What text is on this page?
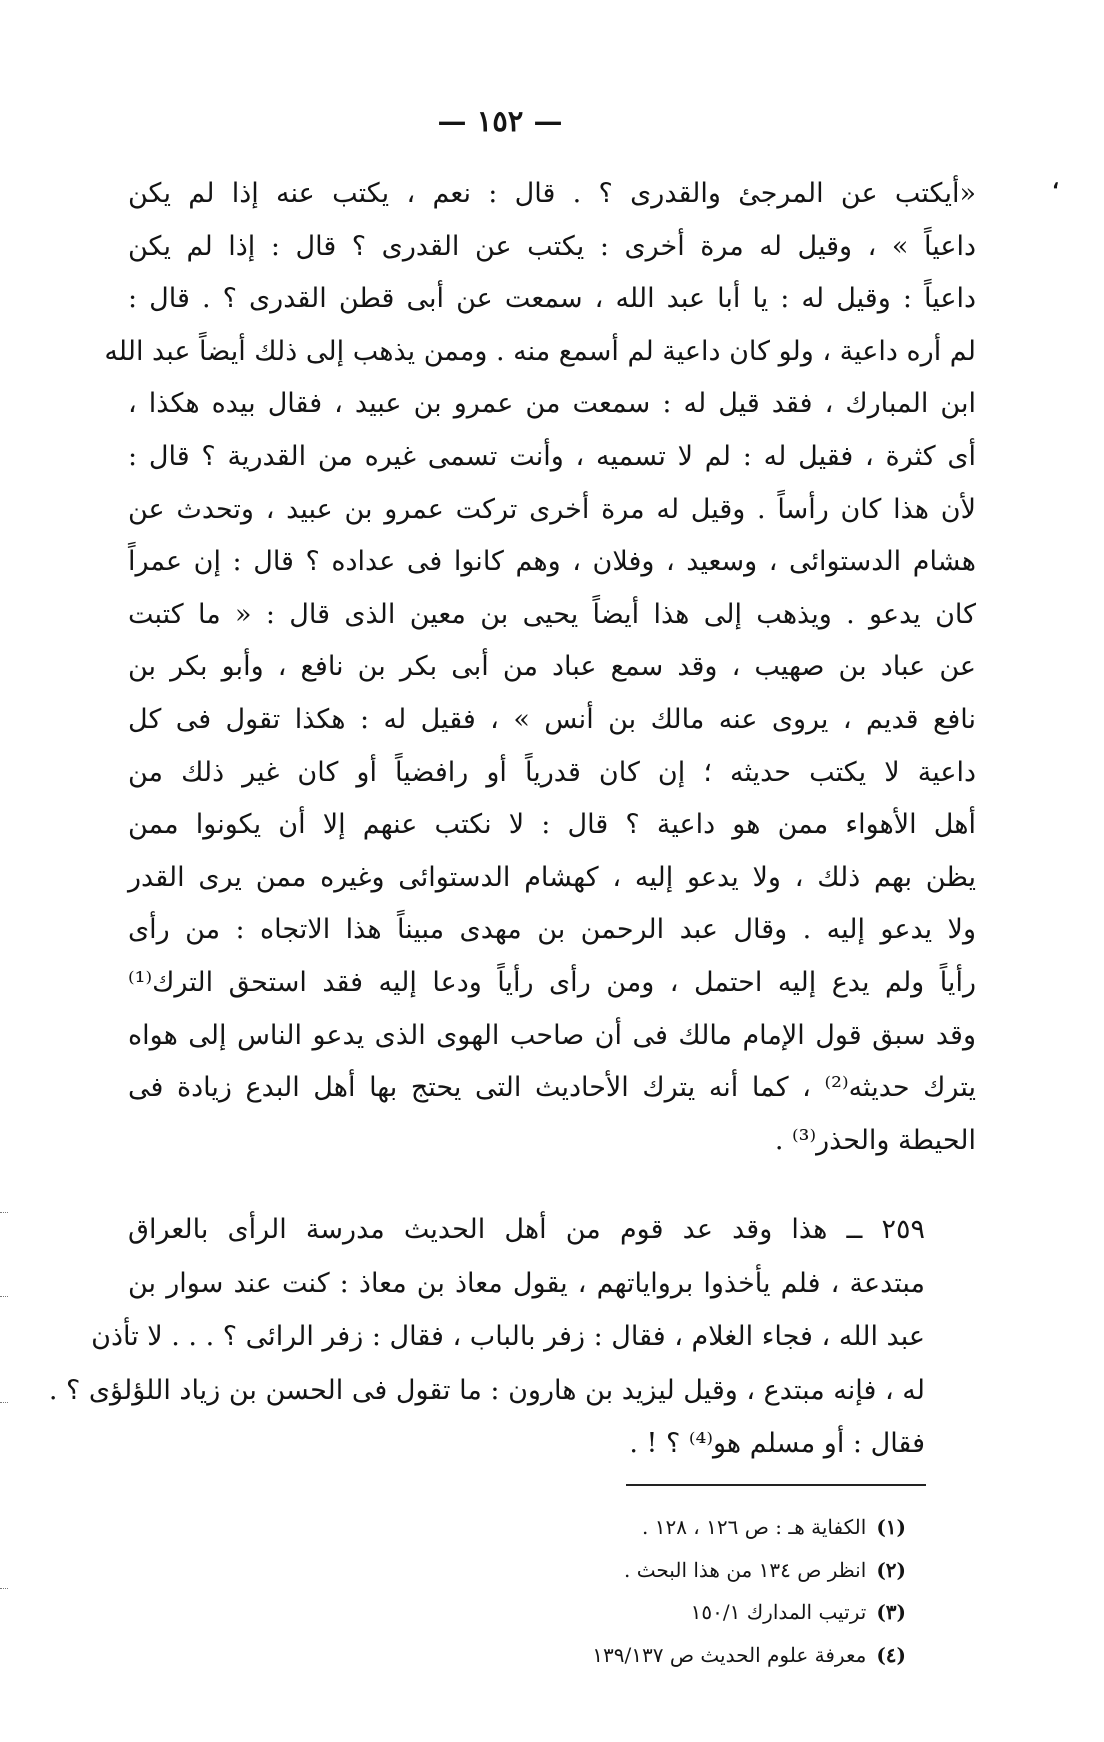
— ١٥٢ —
،
«أيكتب عن المرجئ والقدرى ؟ . قال : نعم ، يكتب عنه إذا لم يكن
داعياً » ، وقيل له مرة أخرى : يكتب عن القدرى ؟ قال : إذا لم يكن
داعياً : وقيل له : يا أبا عبد الله ، سمعت عن أبى قطن القدرى ؟ . قال :
لم أره داعية ، ولو كان داعية لم أسمع منه . وممن يذهب إلى ذلك أيضاً عبد الله
ابن المبارك ، فقد قيل له : سمعت من عمرو بن عبيد ، فقال بيده هكذا ،
أى كثرة ، فقيل له : لم لا تسميه ، وأنت تسمى غيره من القدرية ؟ قال :
لأن هذا كان رأساً . وقيل له مرة أخرى تركت عمرو بن عبيد ، وتحدث عن
هشام الدستوائى ، وسعيد ، وفلان ، وهم كانوا فى عداده ؟ قال : إن عمراً
كان يدعو . ويذهب إلى هذا أيضاً يحيى بن معين الذى قال : « ما كتبت
عن عباد بن صهيب ، وقد سمع عباد من أبى بكر بن نافع ، وأبو بكر بن
نافع قديم ، يروى عنه مالك بن أنس » ، فقيل له : هكذا تقول فى كل
داعية لا يكتب حديثه ؛ إن كان قدرياً أو رافضياً أو كان غير ذلك من
أهل الأهواء ممن هو داعية ؟ قال : لا نكتب عنهم إلا أن يكونوا ممن
يظن بهم ذلك ، ولا يدعو إليه ، كهشام الدستوائى وغيره ممن يرى القدر
ولا يدعو إليه . وقال عبد الرحمن بن مهدى مبيناً هذا الاتجاه : من رأى
رأياً ولم يدع إليه احتمل ، ومن رأى رأياً ودعا إليه فقد استحق الترك⁽¹⁾
وقد سبق قول الإمام مالك فى أن صاحب الهوى الذى يدعو الناس إلى هواه
يترك حديثه⁽²⁾ ، كما أنه يترك الأحاديث التى يحتج بها أهل البدع زيادة فى
الحيطة والحذر⁽³⁾ .
٢٥٩ ــ هذا وقد عد قوم من أهل الحديث مدرسة الرأى بالعراق
مبتدعة ، فلم يأخذوا برواياتهم ، يقول معاذ بن معاذ : كنت عند سوار بن
عبد الله ، فجاء الغلام ، فقال : زفر بالباب ، فقال : زفر الرائى ؟ . . . لا تأذن
له ، فإنه مبتدع ، وقيل ليزيد بن هارون : ما تقول فى الحسن بن زياد اللؤلؤى ؟ .
فقال : أو مسلم هو⁽⁴⁾ ؟ ! .
(١)الكفاية هـ : ص ١٢٦ ، ١٢٨ .
(٢)انظر ص ١٣٤ من هذا البحث .
(٣)ترتيب المدارك ١٥٠/١
(٤)معرفة علوم الحديث ص ١٣٩/١٣٧
